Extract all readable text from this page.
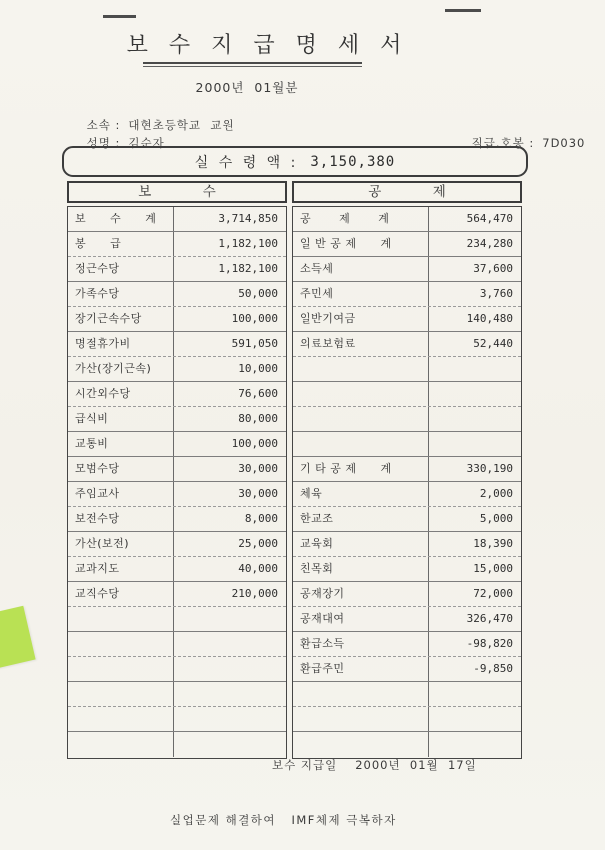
보 수 지 급 명 세 서
2000년  01월분

소속 : 대현초등학교  교원

성명 : 김순자
	직급.호봉 : 7D030

실 수 령 액 : 3,150,380
보            수	공            제
보      수      계	3,714,850
봉      급	1,182,100
정근수당	1,182,100
가족수당	50,000
장기근속수당	100,000
명절휴가비	591,050
가산(장기근속)	10,000
시간외수당	76,600
급식비	80,000
교통비	100,000
모범수당	30,000
주임교사	30,000
보전수당	8,000
가산(보전)	25,000
교과지도	40,000
교직수당	210,000
공       제       계	564,470
일 반 공 제      계	234,280
소득세	37,600
주민세	3,760
일반기여금	140,480
의료보험료	52,440
기 타 공 제      계	330,190
체육	2,000
한교조	5,000
교육회	18,390
친목회	15,000
공재장기	72,000
공재대여	326,470
환급소득	-98,820
환급주민	-9,850
보수 지급일 2000년  01월  17일
실업문제 해결하여   IMF체제 극복하자
